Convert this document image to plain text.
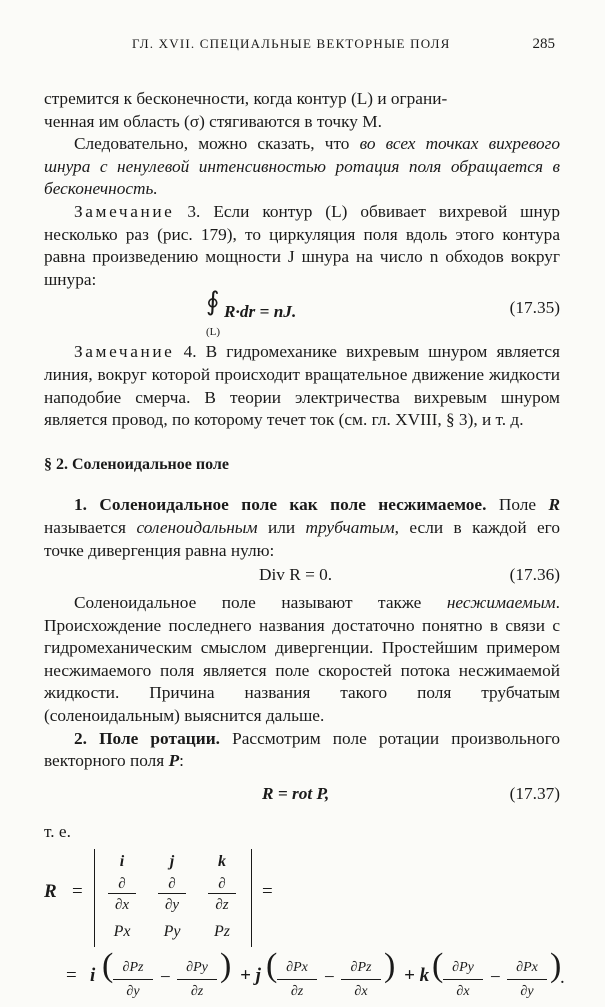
ГЛ. XVII. СПЕЦИАЛЬНЫЕ ВЕКТОРНЫЕ ПОЛЯ	285

стремится к бесконечности, когда контур (L) и ограни-
ченная им область (σ) стягиваются в точку M.

Следовательно, можно сказать, что во всех точках вихревого шнура с ненулевой интенсивностью ротация поля обращается в бесконечность.

Замечание 3. Если контур (L) обвивает вихревой шнур несколько раз (рис. 179), то циркуляция поля вдоль этого контура равна произведению мощности J шнура на число n обходов вокруг шнура:

∮
(L)
R·dr = nJ.	(17.35)

Замечание 4. В гидромеханике вихревым шнуром является линия, вокруг которой происходит вращательное движение жидкости наподобие смерча. В теории электричества вихревым шнуром является провод, по которому течет ток (см. гл. XVIII, § 3), и т. д.

§ 2. Соленоидальное поле

1. Соленоидальное поле как поле несжимаемое. Поле R называется соленоидальным или трубчатым, если в каждой его точке дивергенция равна нулю:

Div R = 0.	(17.36)

Соленоидальное поле называют также несжимаемым. Происхождение последнего названия достаточно понятно в связи с гидромеханическим смыслом дивергенции. Простейшим примером несжимаемого поля является поле скоростей потока несжимаемой жидкости. Причина названия такого поля трубчатым (соленоидальным) выяснится дальше.

2. Поле ротации. Рассмотрим поле ротации произвольного векторного поля P:

R = rot P,	(17.37)

т. е.

R =
i	j	k
∂
∂x
∂
∂y
∂
∂z
Px	Py	Pz
=
= i ( ∂Pz
∂y
−	∂Py
∂z
) + j ( ∂Px
∂z
−	∂Pz
∂x
) + k ( ∂Py
∂x
−	∂Px
∂y
)
.
